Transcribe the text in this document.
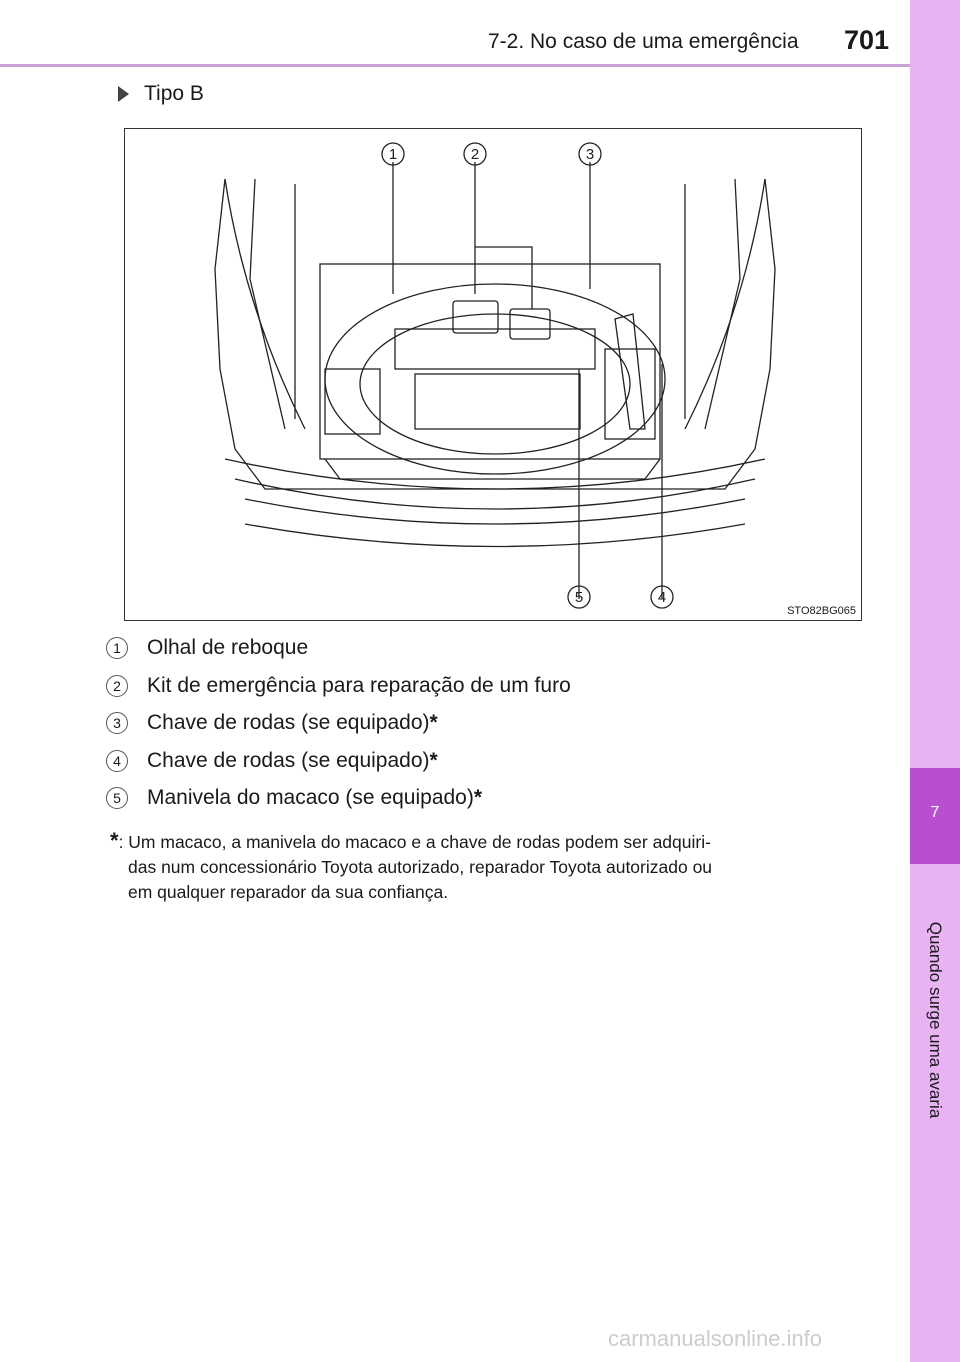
7-2. No caso de uma emergência 701
7
Quando surge uma avaria
Tipo B
1	2	3
4
5
STO82BG065
1	Olhal de reboque
2	Kit de emergência para reparação de um furo
3	Chave de rodas (se equipado) *
4	Chave de rodas (se equipado) *
5	Manivela do macaco (se equipado) *
*: Um macaco, a manivela do macaco e a chave de rodas podem ser adquiri-
das num concessionário Toyota autorizado, reparador Toyota autorizado ou
em qualquer reparador da sua confiança.
carmanualsonline.info
